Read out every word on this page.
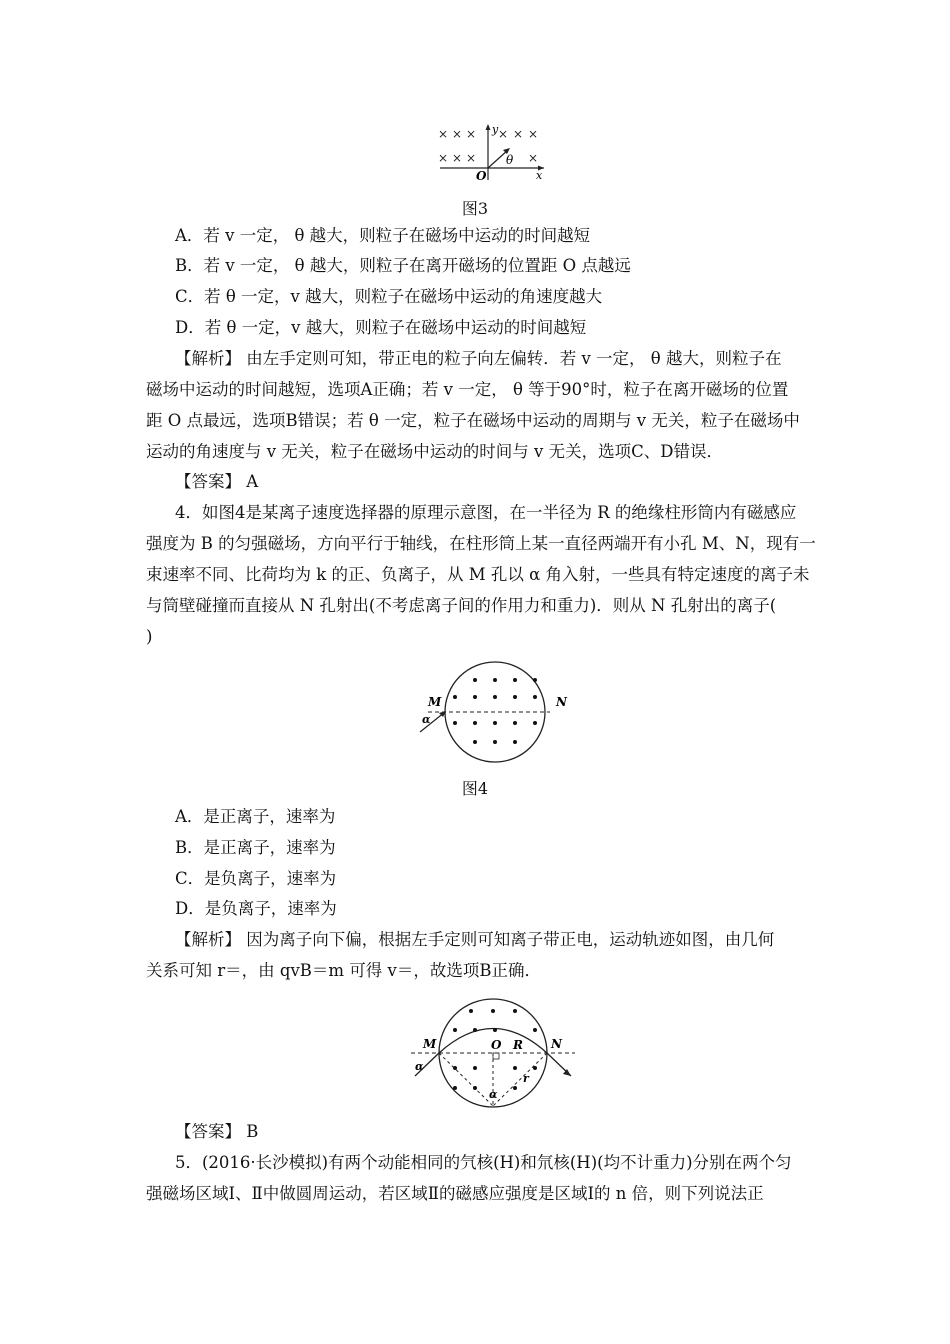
× × × × × ×
× × ×	×
y
x
O
θ
图3
A．若 v 一定， θ 越大，则粒子在磁场中运动的时间越短
B．若 v 一定， θ 越大，则粒子在离开磁场的位置距 O 点越远
C．若 θ 一定，v 越大，则粒子在磁场中运动的角速度越大
D．若 θ 一定，v 越大，则粒子在磁场中运动的时间越短
【解析】 由左手定则可知，带正电的粒子向左偏转．若 v 一定， θ 越大，则粒子在
磁场中运动的时间越短，选项A正确；若 v 一定， θ 等于90°时，粒子在离开磁场的位置
距 O 点最远，选项B错误；若 θ 一定，粒子在磁场中运动的周期与 v 无关，粒子在磁场中
运动的角速度与 v 无关，粒子在磁场中运动的时间与 v 无关，选项C、D错误．
【答案】 A
4．如图4是某离子速度选择器的原理示意图，在一半径为 R 的绝缘柱形筒内有磁感应
强度为 B 的匀强磁场，方向平行于轴线，在柱形筒上某一直径两端开有小孔 M、N，现有一
束速率不同、比荷均为 k 的正、负离子，从 M 孔以 α 角入射，一些具有特定速度的离子未
与筒壁碰撞而直接从 N 孔射出(不考虑离子间的作用力和重力)．则从 N 孔射出的离子(
)
M	N
α
图4
A．是正离子，速率为
B．是正离子，速率为
C．是负离子，速率为
D．是负离子，速率为
【解析】 因为离子向下偏，根据左手定则可知离子带正电，运动轨迹如图，由几何
关系可知 r＝，由 qvB＝m 可得 v＝，故选项B正确．
M	N
O R
α
α
r
【答案】 B
5．(2016·长沙模拟)有两个动能相同的氕核(H)和氘核(H)(均不计重力)分别在两个匀
强磁场区域Ⅰ、Ⅱ中做圆周运动，若区域Ⅱ的磁感应强度是区域Ⅰ的 n 倍，则下列说法正
